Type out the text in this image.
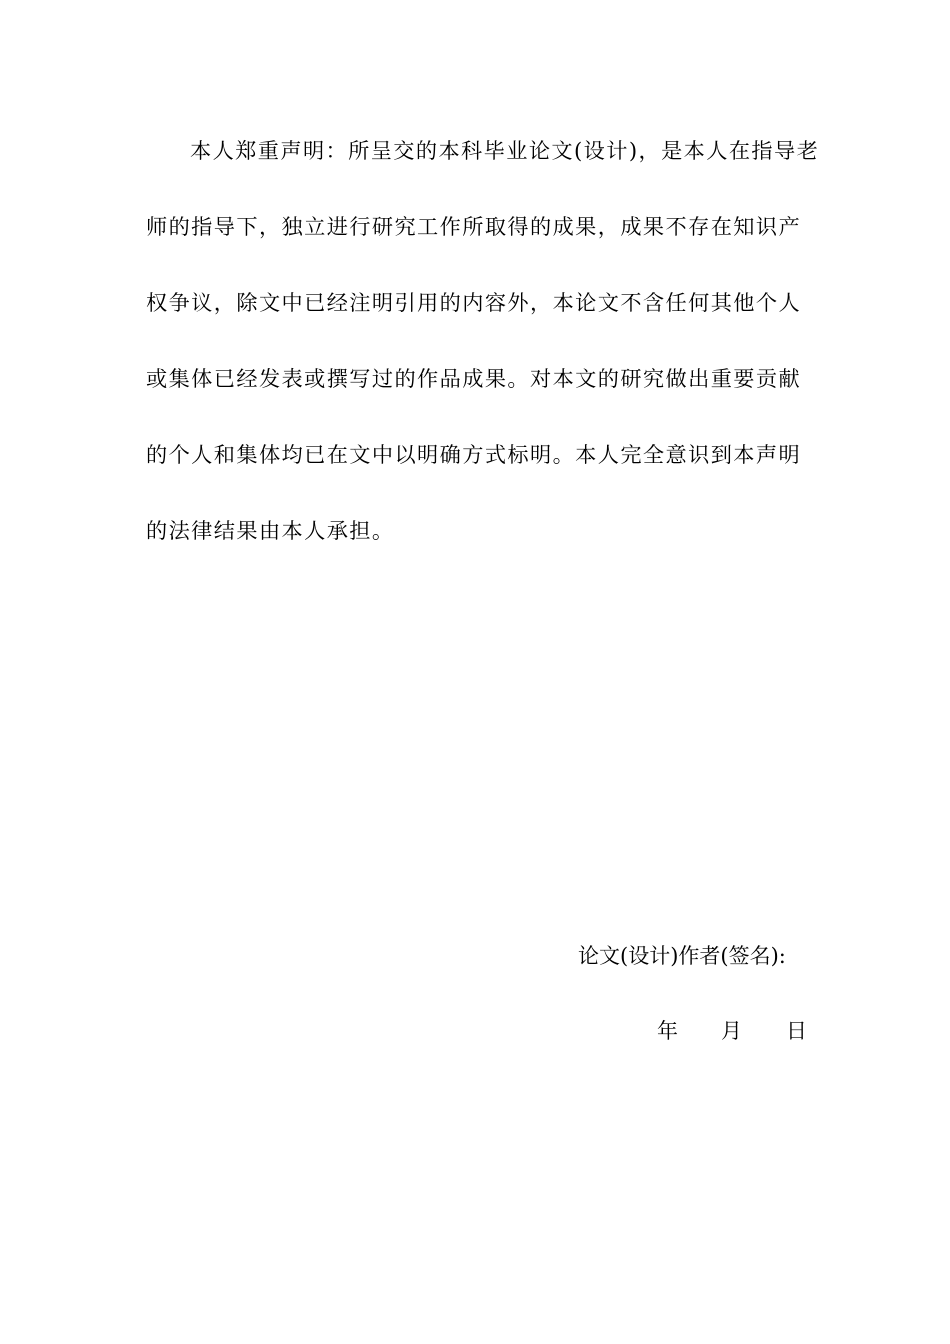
本人郑重声明：所呈交的本科毕业论文(设计)，是本人在指导老
师的指导下，独立进行研究工作所取得的成果，成果不存在知识产
权争议，除文中已经注明引用的内容外，本论文不含任何其他个人
或集体已经发表或撰写过的作品成果。对本文的研究做出重要贡献
的个人和集体均已在文中以明确方式标明。本人完全意识到本声明
的法律结果由本人承担。
论文(设计)作者(签名):
年 月 日
